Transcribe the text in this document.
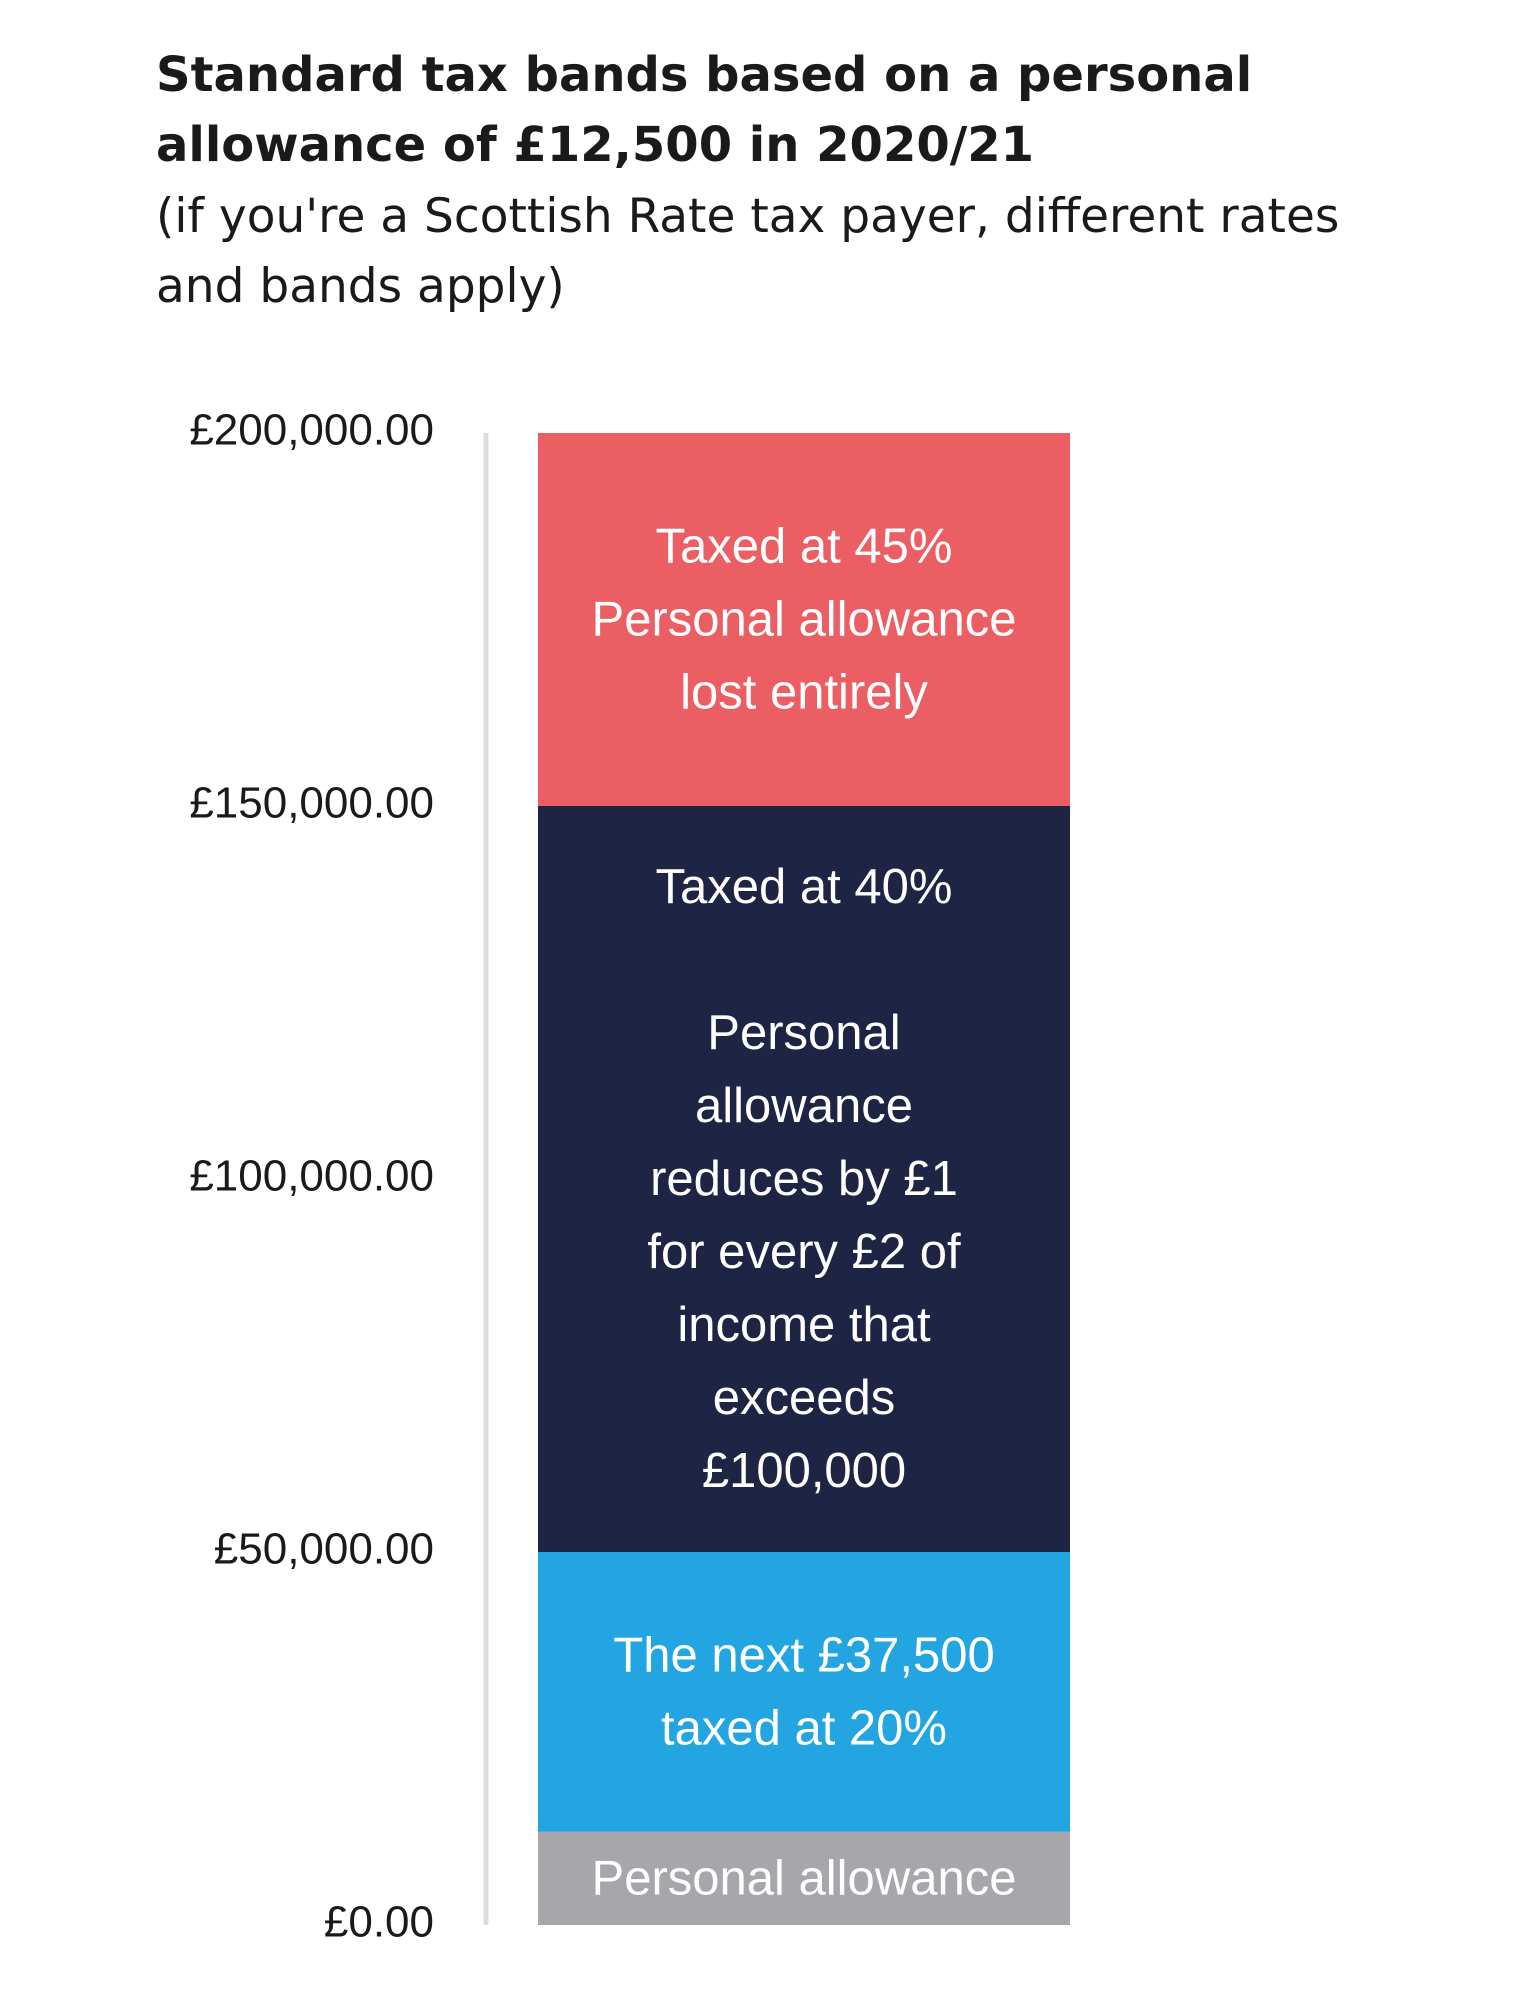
Standard tax bands based on a personal allowance of £12,500 in 2020/21

(if you're a Scottish Rate tax payer, different rates and bands apply)

£0.00
£50,000.00
£100,000.00
£150,000.00
£200,000.00
Personal allowance
The next £37,500
taxed at 20%
Taxed at 40%
Personal
allowance
reduces by £1
for every £2 of
income that
exceeds
£100,000
Taxed at 45%
Personal allowance
lost entirely
